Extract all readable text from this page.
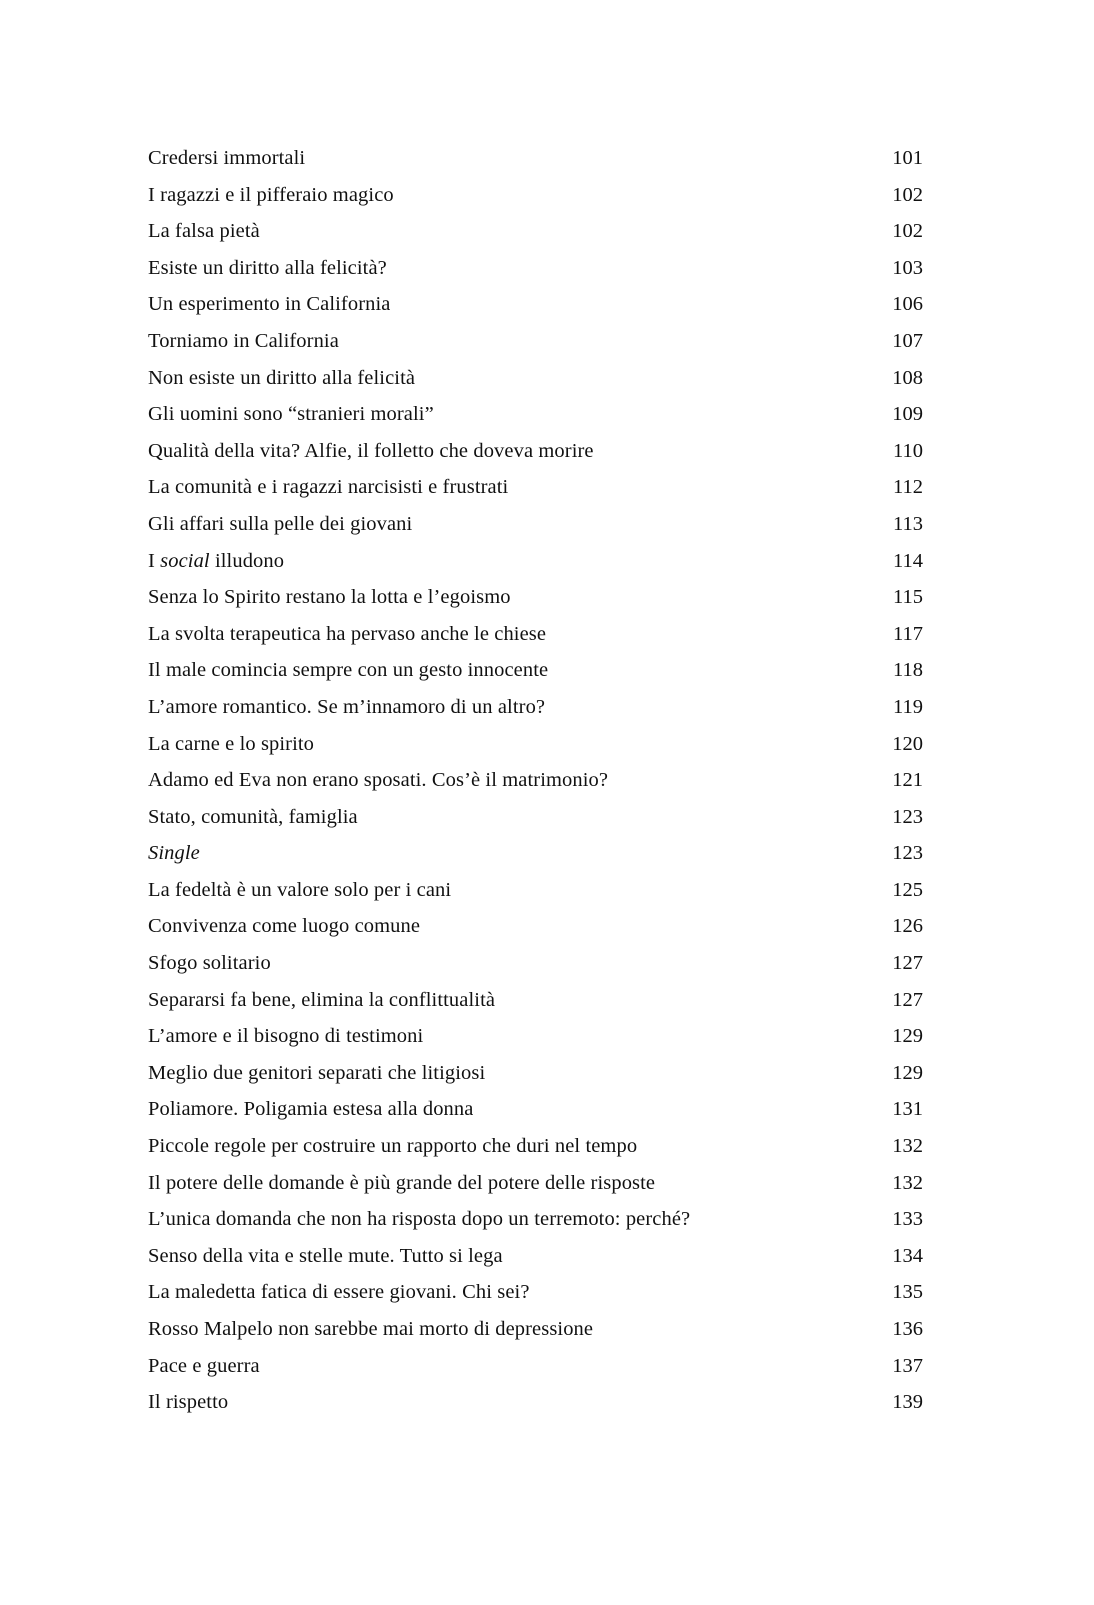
Credersi immortali	101
I ragazzi e il pifferaio magico	102
La falsa pietà	102
Esiste un diritto alla felicità?	103
Un esperimento in California	106
Torniamo in California	107
Non esiste un diritto alla felicità	108
Gli uomini sono “stranieri morali”	109
Qualità della vita? Alfie, il folletto che doveva morire	110
La comunità e i ragazzi narcisisti e frustrati	112
Gli affari sulla pelle dei giovani	113
I social illudono	114
Senza lo Spirito restano la lotta e l’egoismo	115
La svolta terapeutica ha pervaso anche le chiese	117
Il male comincia sempre con un gesto innocente	118
L’amore romantico. Se m’innamoro di un altro?	119
La carne e lo spirito	120
Adamo ed Eva non erano sposati. Cos’è il matrimonio?	121
Stato, comunità, famiglia	123
Single	123
La fedeltà è un valore solo per i cani	125
Convivenza come luogo comune	126
Sfogo solitario	127
Separarsi fa bene, elimina la conflittualità	127
L’amore e il bisogno di testimoni	129
Meglio due genitori separati che litigiosi	129
Poliamore. Poligamia estesa alla donna	131
Piccole regole per costruire un rapporto che duri nel tempo	132
Il potere delle domande è più grande del potere delle risposte	132
L’unica domanda che non ha risposta dopo un terremoto: perché?	133
Senso della vita e stelle mute. Tutto si lega	134
La maledetta fatica di essere giovani. Chi sei?	135
Rosso Malpelo non sarebbe mai morto di depressione	136
Pace e guerra	137
Il rispetto	139
